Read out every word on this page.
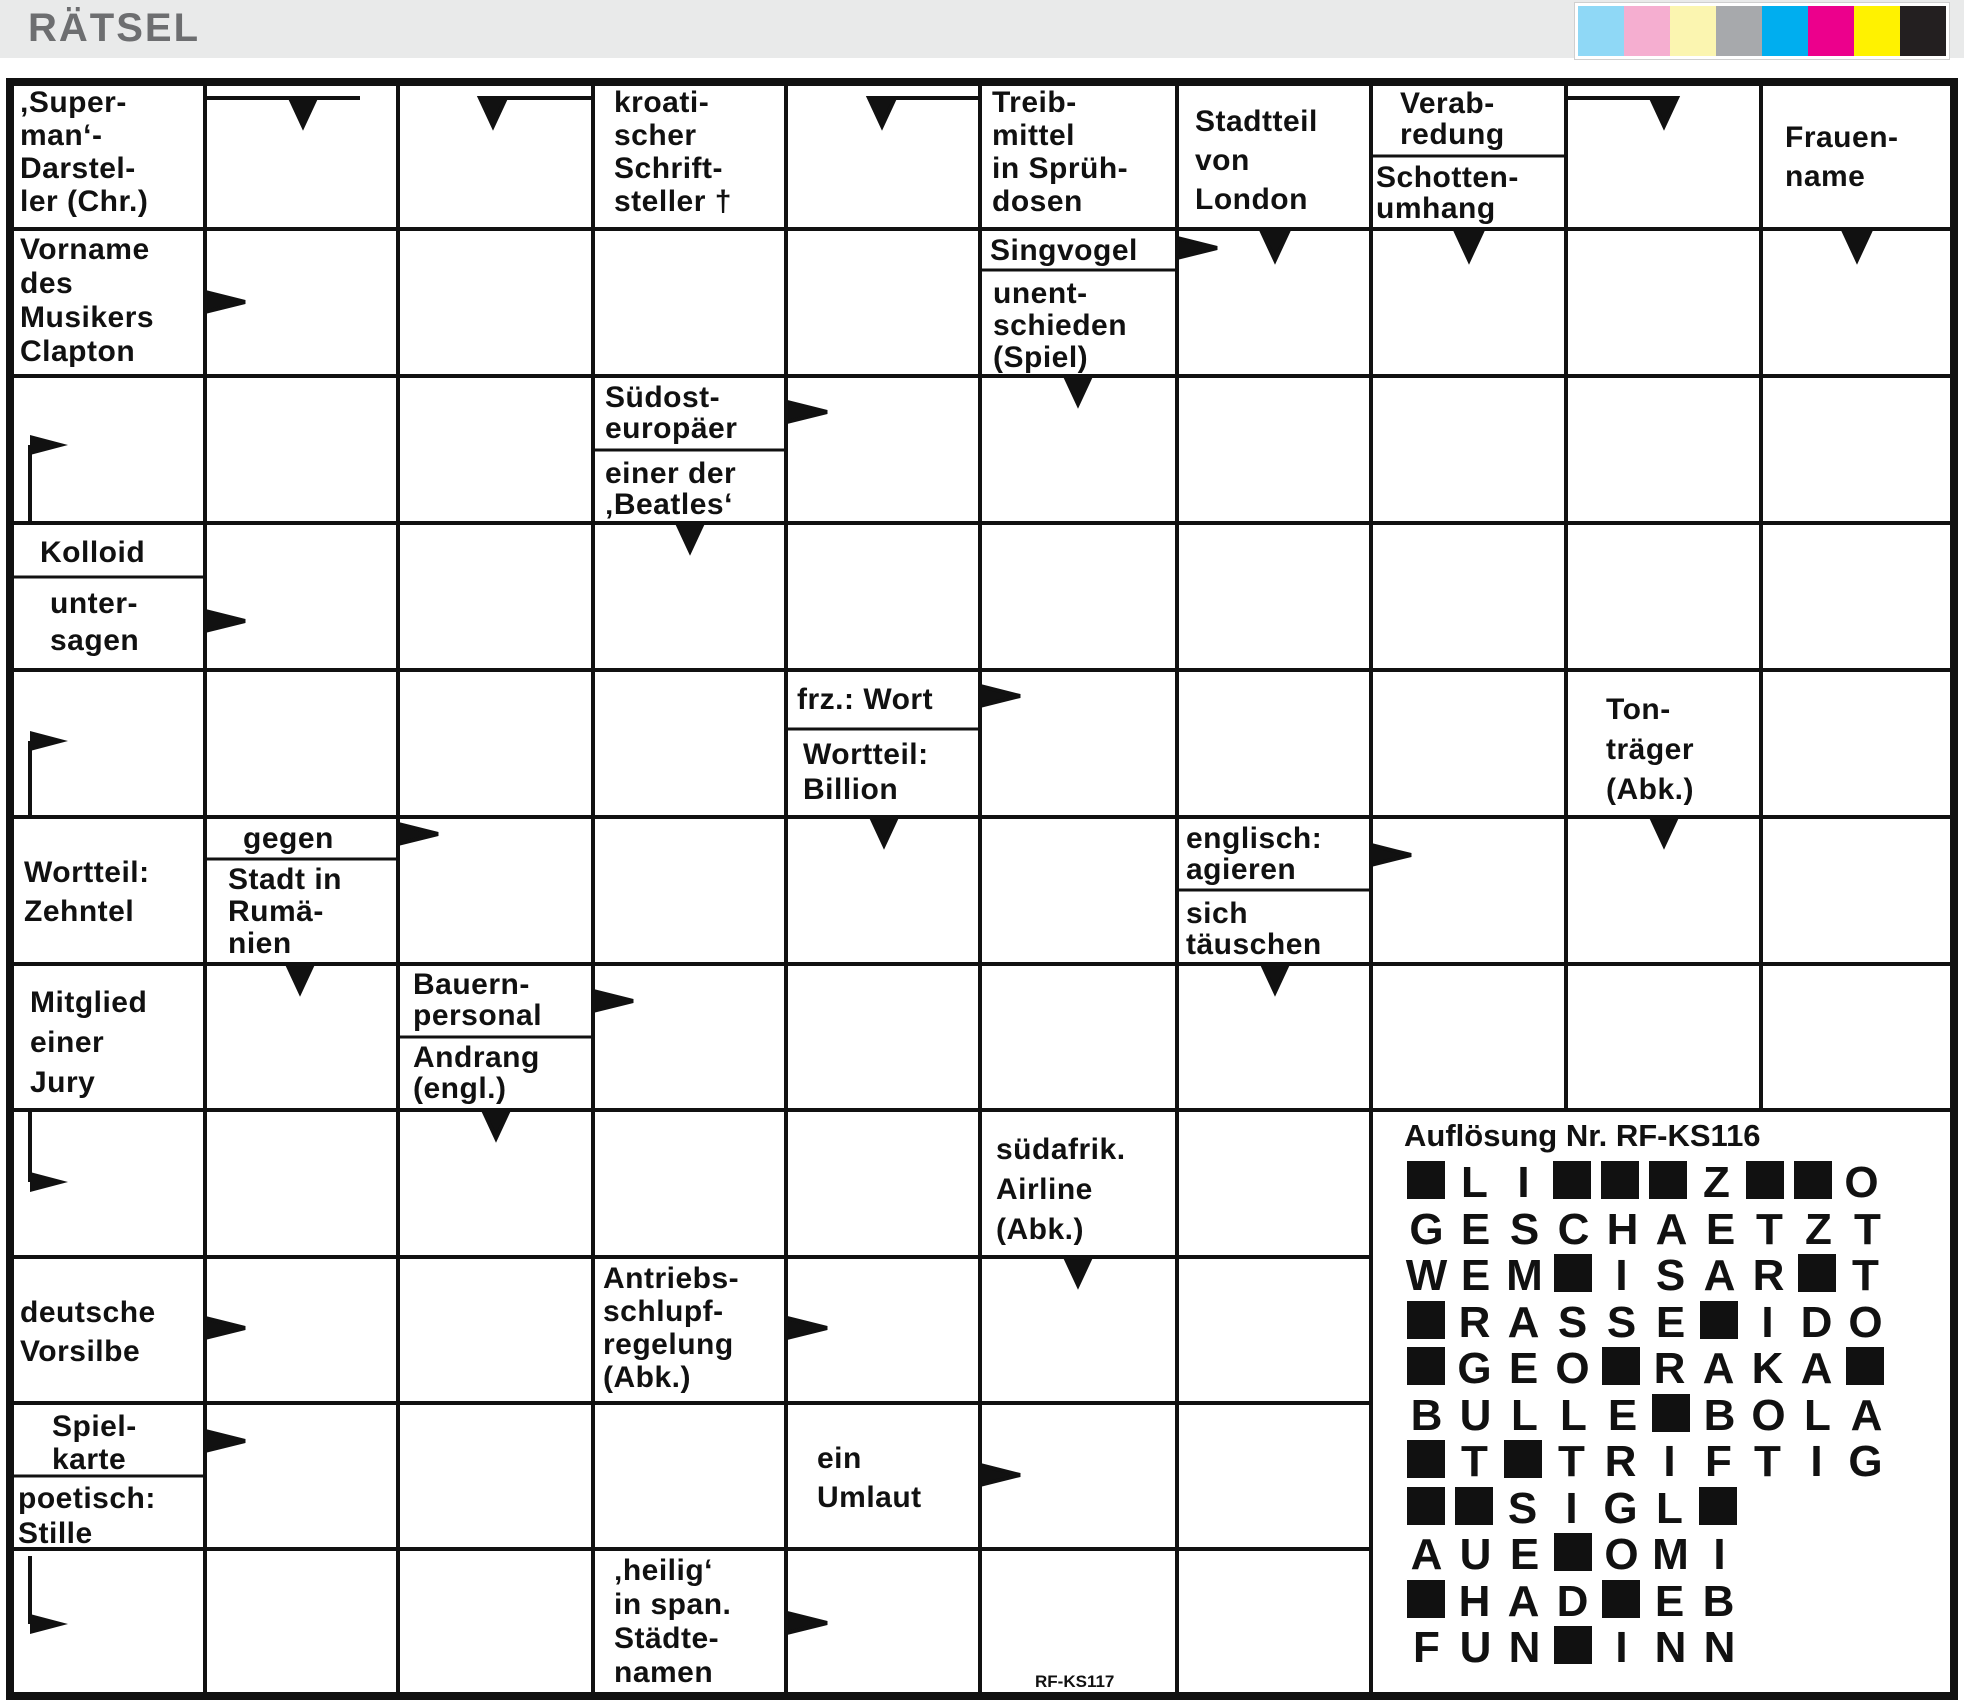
RÄTSEL
,Super-
man‘-
Darstel-
ler (Chr.)
kroati-
scher
Schrift-
steller †
Treib-
mittel
in Sprüh-
dosen
Stadtteil
von
London
Verab-
redung
Schotten-
umhang
Frauen-
name
Vorname
des
Musikers
Clapton
Singvogel
unent-
schieden
(Spiel)
Südost-
europäer
einer der
‚Beatles‘
Kolloid
unter-
sagen
frz.: Wort
Wortteil:
Billion
Ton-
träger
(Abk.)
Wortteil:
Zehntel
gegen
Stadt in
Rumä-
nien
englisch:
agieren
sich
täuschen
Mitglied
einer
Jury
Bauern-
personal
Andrang
(engl.)
südafrik.
Airline
(Abk.)
deutsche
Vorsilbe
Antriebs-
schlupf-
regelung
(Abk.)
Spiel-
karte
poetisch:
Stille
ein
Umlaut
‚heilig‘
in span.
Städte-
namen
Auflösung Nr. RF-KS116
L I	Z	O
G E S C H A E T Z T
W E M I S A R T
R A S S E I D O
G E O R A K A
B U L L E B O L A
T T R I F T I G
S I G L
A U E O M I
H A D E B
F U N I N N
RF-KS117
